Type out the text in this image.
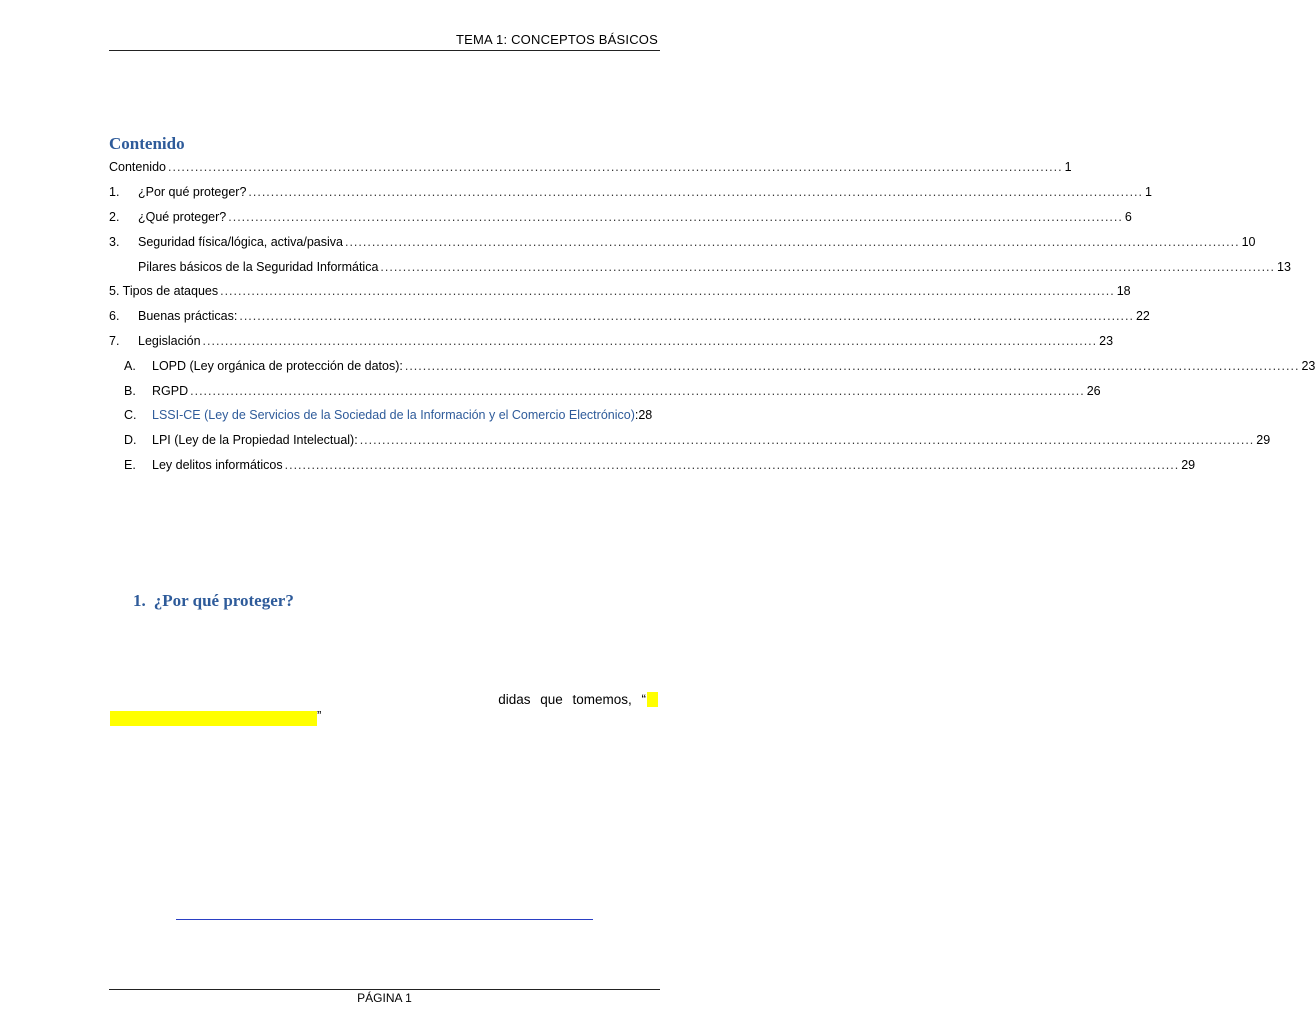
TEMA 1: CONCEPTOS BÁSICOS
Contenido
Contenido ........................................................................................................................................................................................................ 1
1.	¿Por qué proteger? ........................................................................................................................................................................................................ 1
2.	¿Qué proteger? ........................................................................................................................................................................................................ 6
3.	Seguridad física/lógica, activa/pasiva ........................................................................................................................................................................................................ 10
Pilares básicos de la Seguridad Informática ........................................................................................................................................................................................................ 13
5. Tipos de ataques ........................................................................................................................................................................................................ 18
6.	Buenas prácticas: ........................................................................................................................................................................................................ 22
7.	Legislación ........................................................................................................................................................................................................ 23
A.	LOPD (Ley orgánica de protección de datos): ........................................................................................................................................................................................................ 23
B.	RGPD ........................................................................................................................................................................................................ 26
C.	LSSI-CE (Ley de Servicios de la Sociedad de la Información y el Comercio Electrónico) : 28
D.	LPI (Ley de la Propiedad Intelectual): ........................................................................................................................................................................................................ 29
E.	Ley delitos informáticos ........................................................................................................................................................................................................ 29
1. ¿Por qué proteger?
didas que tomemos, “
”
PÁGINA 1
